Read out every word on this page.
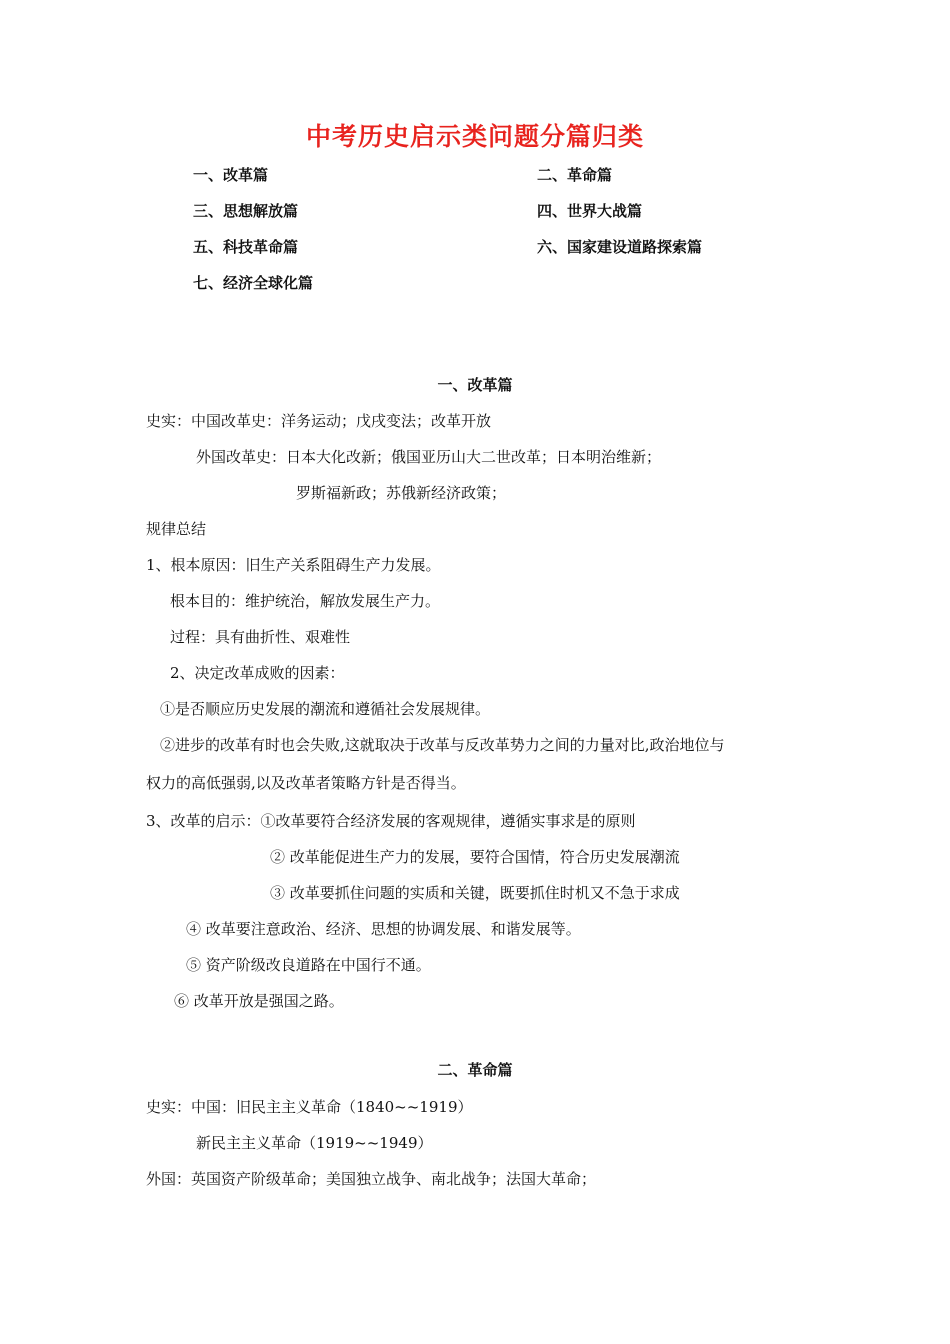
中考历史启示类问题分篇归类
一、改革篇	二、革命篇
三、思想解放篇	四、世界大战篇
五、科技革命篇	六、国家建设道路探索篇
七、经济全球化篇
一、改革篇
史实：中国改革史：洋务运动；戊戌变法；改革开放
外国改革史：日本大化改新；俄国亚历山大二世改革；日本明治维新；
罗斯福新政；苏俄新经济政策；
规律总结
1、根本原因：旧生产关系阻碍生产力发展。
根本目的：维护统治，解放发展生产力。
过程：具有曲折性、艰难性
2、决定改革成败的因素：
①是否顺应历史发展的潮流和遵循社会发展规律。
②进步的改革有时也会失败,这就取决于改革与反改革势力之间的力量对比,政治地位与
权力的高低强弱,以及改革者策略方针是否得当。
3、改革的启示：①改革要符合经济发展的客观规律，遵循实事求是的原则
② 改革能促进生产力的发展，要符合国情，符合历史发展潮流
③ 改革要抓住问题的实质和关键，既要抓住时机又不急于求成
④ 改革要注意政治、经济、思想的协调发展、和谐发展等。
⑤ 资产阶级改良道路在中国行不通。
⑥ 改革开放是强国之路。
二、革命篇
史实：中国：旧民主主义革命（1840~~1919）
新民主主义革命（1919~~1949）
外国：英国资产阶级革命；美国独立战争、南北战争；法国大革命；
